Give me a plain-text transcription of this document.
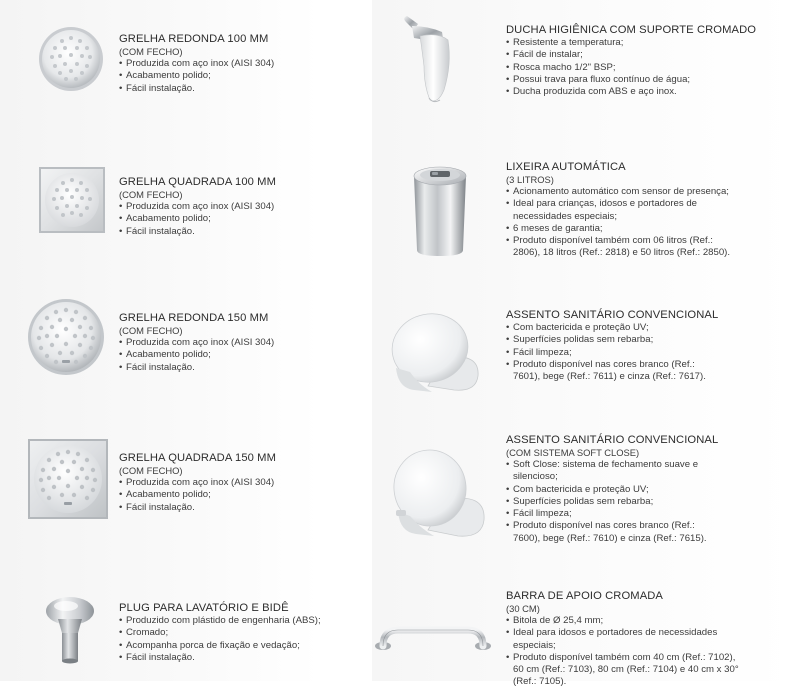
GRELHA REDONDA 100 MM
(COM FECHO)
• Produzida com aço inox (AISI 304)
• Acabamento polido;
• Fácil instalação.
GRELHA QUADRADA 100 MM
(COM FECHO)
• Produzida com aço inox (AISI 304)
• Acabamento polido;
• Fácil instalação.
GRELHA REDONDA 150 MM
(COM FECHO)
• Produzida com aço inox (AISI 304)
• Acabamento polido;
• Fácil instalação.
GRELHA QUADRADA 150 MM
(COM FECHO)
• Produzida com aço inox (AISI 304)
• Acabamento polido;
• Fácil instalação.
PLUG PARA LAVATÓRIO E BIDÊ
• Produzido com plástido de engenharia (ABS);
• Cromado;
• Acompanha porca de fixação e vedação;
• Fácil instalação.
DUCHA HIGIÊNICA COM SUPORTE CROMADO
• Resistente a temperatura;
• Fácil de instalar;
• Rosca macho 1/2" BSP;
• Possui trava para fluxo contínuo de água;
• Ducha produzida com ABS e aço inox.
LIXEIRA AUTOMÁTICA
(3 LITROS)
• Acionamento automático com sensor de presença;
• Ideal para crianças, idosos e portadores de necessidades especiais;
• 6 meses de garantia;
• Produto disponível também com 06 litros (Ref.: 2806), 18 litros (Ref.: 2818) e 50 litros (Ref.: 2850).
ASSENTO SANITÁRIO CONVENCIONAL
• Com bactericida e proteção UV;
• Superfícies polidas sem rebarba;
• Fácil limpeza;
• Produto disponível nas cores branco (Ref.: 7601), bege (Ref.: 7611) e cinza (Ref.: 7617).
ASSENTO SANITÁRIO CONVENCIONAL
(COM SISTEMA SOFT CLOSE)
• Soft Close: sistema de fechamento suave e silencioso;
• Com bactericida e proteção UV;
• Superfícies polidas sem rebarba;
• Fácil limpeza;
• Produto disponível nas cores branco (Ref.: 7600), bege (Ref.: 7610) e cinza (Ref.: 7615).
BARRA DE APOIO CROMADA
(30 CM)
• Bitola de Ø 25,4 mm;
• Ideal para idosos e portadores de necessidades especiais;
• Produto disponível também com 40 cm (Ref.: 7102), 60 cm (Ref.: 7103), 80 cm (Ref.: 7104) e 40 cm x 30° (Ref.: 7105).
